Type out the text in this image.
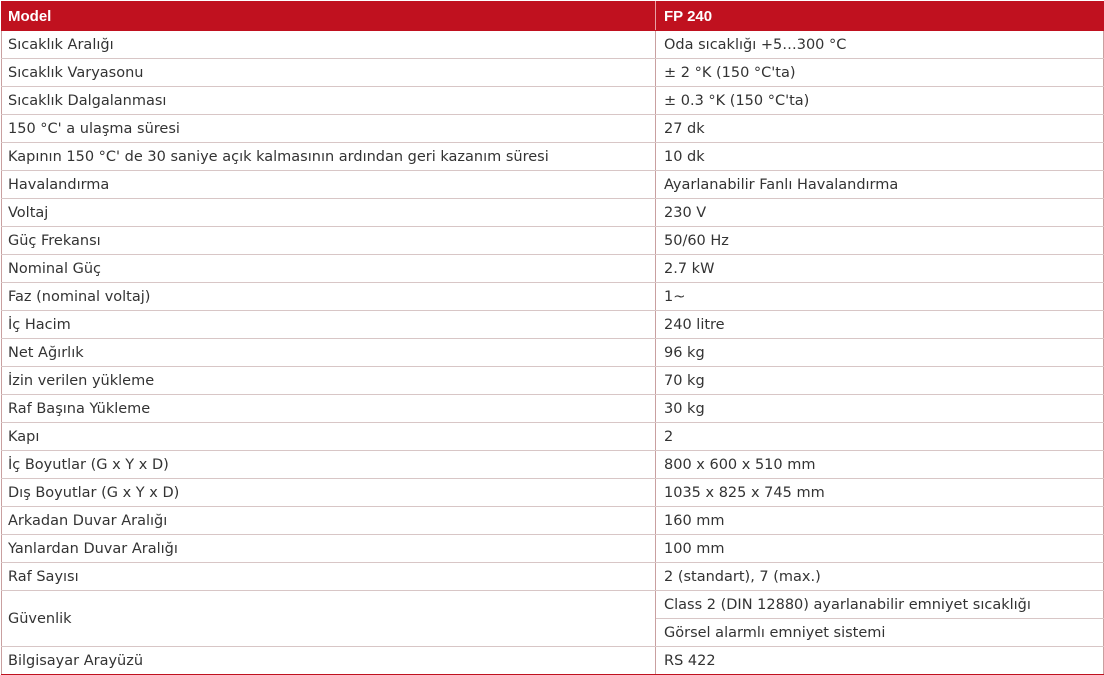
Model	FP 240
Sıcaklık Aralığı	Oda sıcaklığı +5…300 °C
Sıcaklık Varyasonu	± 2 °K (150 °C'ta)
Sıcaklık Dalgalanması	± 0.3 °K (150 °C'ta)
150 °C' a ulaşma süresi	27 dk
Kapının 150 °C' de 30 saniye açık kalmasının ardından geri kazanım süresi	10 dk
Havalandırma	Ayarlanabilir Fanlı Havalandırma
Voltaj	230 V
Güç Frekansı	50/60 Hz
Nominal Güç	2.7 kW
Faz (nominal voltaj)	1~
İç Hacim	240 litre
Net Ağırlık	96 kg
İzin verilen yükleme	70 kg
Raf Başına Yükleme	30 kg
Kapı	2
İç Boyutlar (G x Y x D)	800 x 600 x 510 mm
Dış Boyutlar (G x Y x D)	1035 x 825 x 745 mm
Arkadan Duvar Aralığı	160 mm
Yanlardan Duvar Aralığı	100 mm
Raf Sayısı	2 (standart), 7 (max.)
Güvenlik	Class 2 (DIN 12880) ayarlanabilir emniyet sıcaklığı
	Görsel alarmlı emniyet sistemi
Bilgisayar Arayüzü	RS 422
